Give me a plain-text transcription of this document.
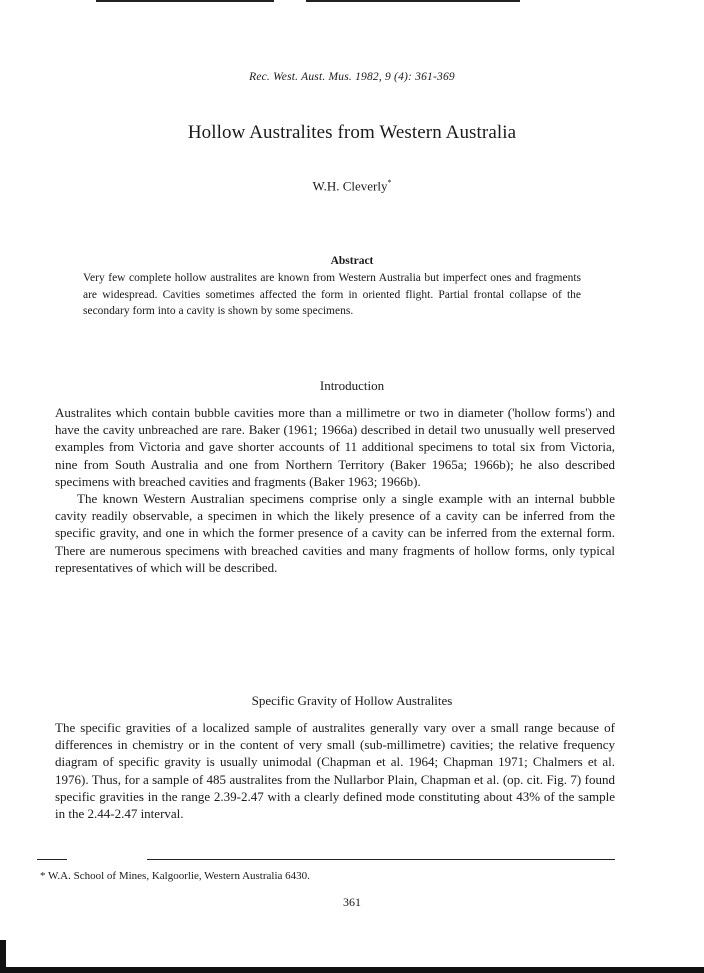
Rec. West. Aust. Mus. 1982, 9 (4): 361-369
Hollow Australites from Western Australia
W.H. Cleverly*
Abstract
Very few complete hollow australites are known from Western Australia but imperfect ones and fragments are widespread. Cavities sometimes affected the form in oriented flight. Partial frontal collapse of the secondary form into a cavity is shown by some specimens.
Introduction

Australites which contain bubble cavities more than a millimetre or two in diameter ('hollow forms') and have the cavity unbreached are rare. Baker (1961; 1966a) described in detail two unusually well preserved examples from Victoria and gave shorter accounts of 11 additional specimens to total six from Victoria, nine from South Australia and one from Northern Territory (Baker 1965a; 1966b); he also described specimens with breached cavities and fragments (Baker 1963; 1966b).

The known Western Australian specimens comprise only a single example with an internal bubble cavity readily observable, a specimen in which the likely presence of a cavity can be inferred from the specific gravity, and one in which the former presence of a cavity can be inferred from the external form. There are numerous specimens with breached cavities and many fragments of hollow forms, only typical representatives of which will be described.

Specific Gravity of Hollow Australites

The specific gravities of a localized sample of australites generally vary over a small range because of differences in chemistry or in the content of very small (sub-millimetre) cavities; the relative frequency diagram of specific gravity is usually unimodal (Chapman et al. 1964; Chapman 1971; Chalmers et al. 1976). Thus, for a sample of 485 australites from the Nullarbor Plain, Chapman et al. (op. cit. Fig. 7) found specific gravities in the range 2.39-2.47 with a clearly defined mode constituting about 43% of the sample in the 2.44-2.47 interval.

* W.A. School of Mines, Kalgoorlie, Western Australia 6430.
361
